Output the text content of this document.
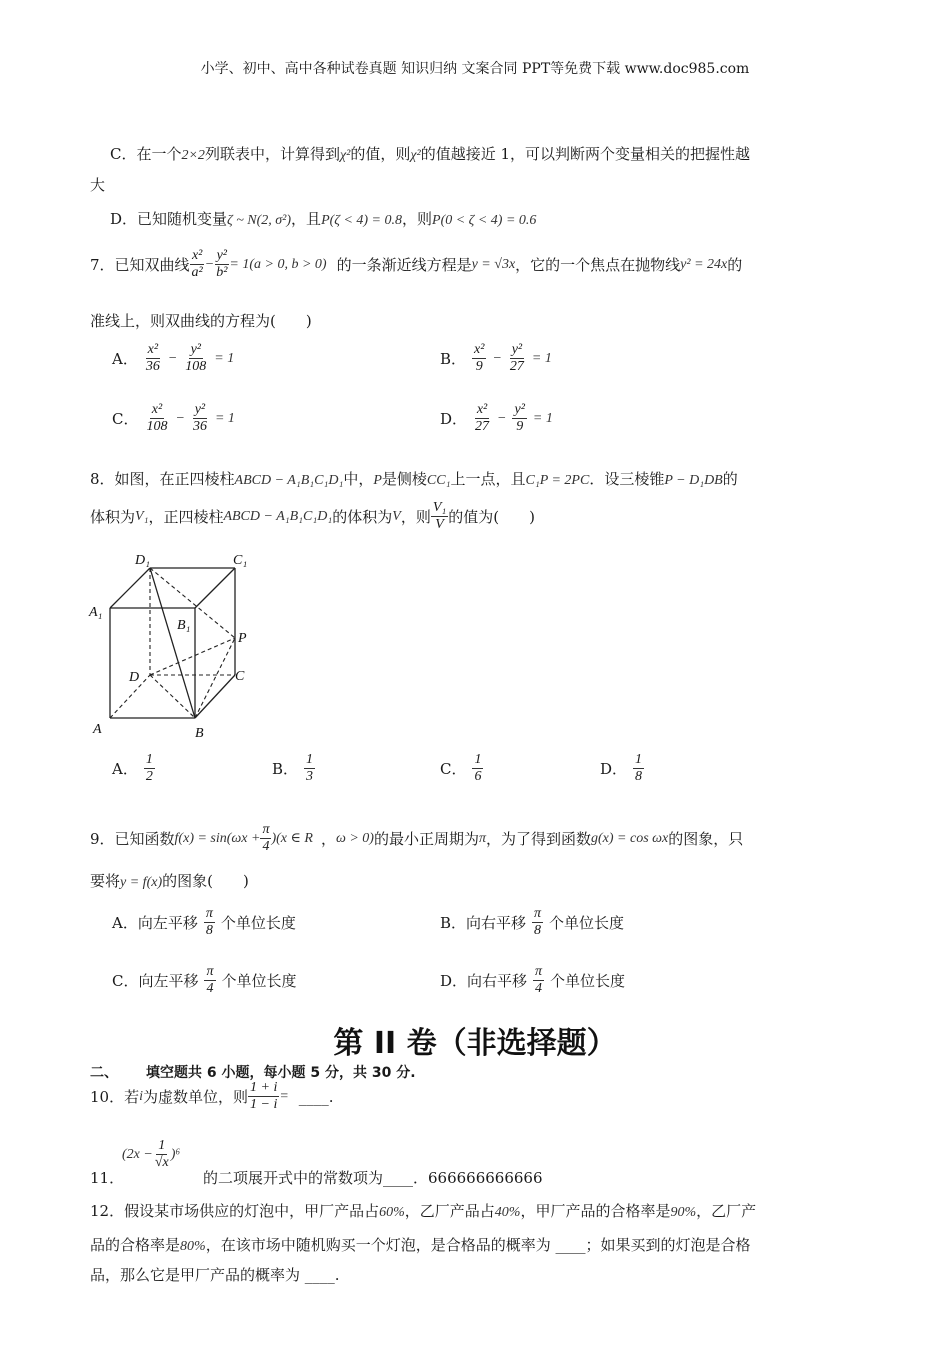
小学、初中、高中各种试卷真题 知识归纳 文案合同 PPT等免费下载 www.doc985.com
C．在一个2×2列联表中，计算得到χ²的值，则χ²的值越接近 1，可以判断两个变量相关的把握性越
大
D．已知随机变量ζ ~ N(2, σ²)，且P(ζ < 4) = 0.8，则P(0 < ζ < 4) = 0.6
7．已知双曲线 $\frac{\text{x²}}{\text{a²}} - \frac{\text{y²}}{\text{b²}} = 1(a > 0$, b > 0) 的一条渐近线方程是 y = √3x ，它的一个焦点在抛物线 y² = 24x 的
准线上，则双曲线的方程为(　　)
A． $\frac{\text{x²}}{36} - \frac{\text{y²}}{108} = 1$	B． $\frac{\text{x²}}{9} - \frac{\text{y²}}{27} = 1$
C． $\frac{\text{x²}}{108} - \frac{\text{y²}}{36} = 1$	D． $\frac{\text{x²}}{27} - \frac{\text{y²}}{9} = 1$
8．如图，在正四棱柱ABCD − A₁B₁C₁D₁中，P是侧棱CC₁上一点，且C₁P = 2PC．设三棱锥P − D₁DB的
体积为 V₁ ，正四棱柱 ABCD − A₁B₁C₁D₁ 的体积为 V ，则 $\frac{\text{V₁}}{V}$ 的值为 (　　)
D₁	C₁
A₁
B₁
P
D	C
A	B
A． $\frac{1}{2}$	B． $\frac{1}{3}$	C． $\frac{1}{6}$	D． $\frac{1}{8}$
9．已知函数 $f(x) = \sin(\omega x + \frac{\pi}{4} )(x$ ∈ R ， ω > 0) 的最小正周期为 π ，为了得到函数 g(x) = cos ωx 的图象，只
要将y = f(x)的图象(　　)
A．向左平移 $\frac{\pi}{8}$ 个单位长度	B．向右平移 $\frac{\pi}{8}$ 个单位长度
C．向左平移 $\frac{\pi}{4}$ 个单位长度	D．向右平移 $\frac{\pi}{4}$ 个单位长度
第 II 卷（非选择题）
二、 填空题共 6 小题，每小题 5 分，共 30 分.
10．若 i 为虚数单位，则 $\frac{1 + i}{1 - i}$ = ____.
$(2x - \frac{1}{√x} )^6$
11．	的二项展开式中的常数项为____．666666666666
12．假设某市场供应的灯泡中，甲厂产品占60%，乙厂产品占40%，甲厂产品的合格率是90%，乙厂产
品的合格率是80%，在该市场中随机购买一个灯泡，是合格品的概率为 ____；如果买到的灯泡是合格
品，那么它是甲厂产品的概率为 ____.
